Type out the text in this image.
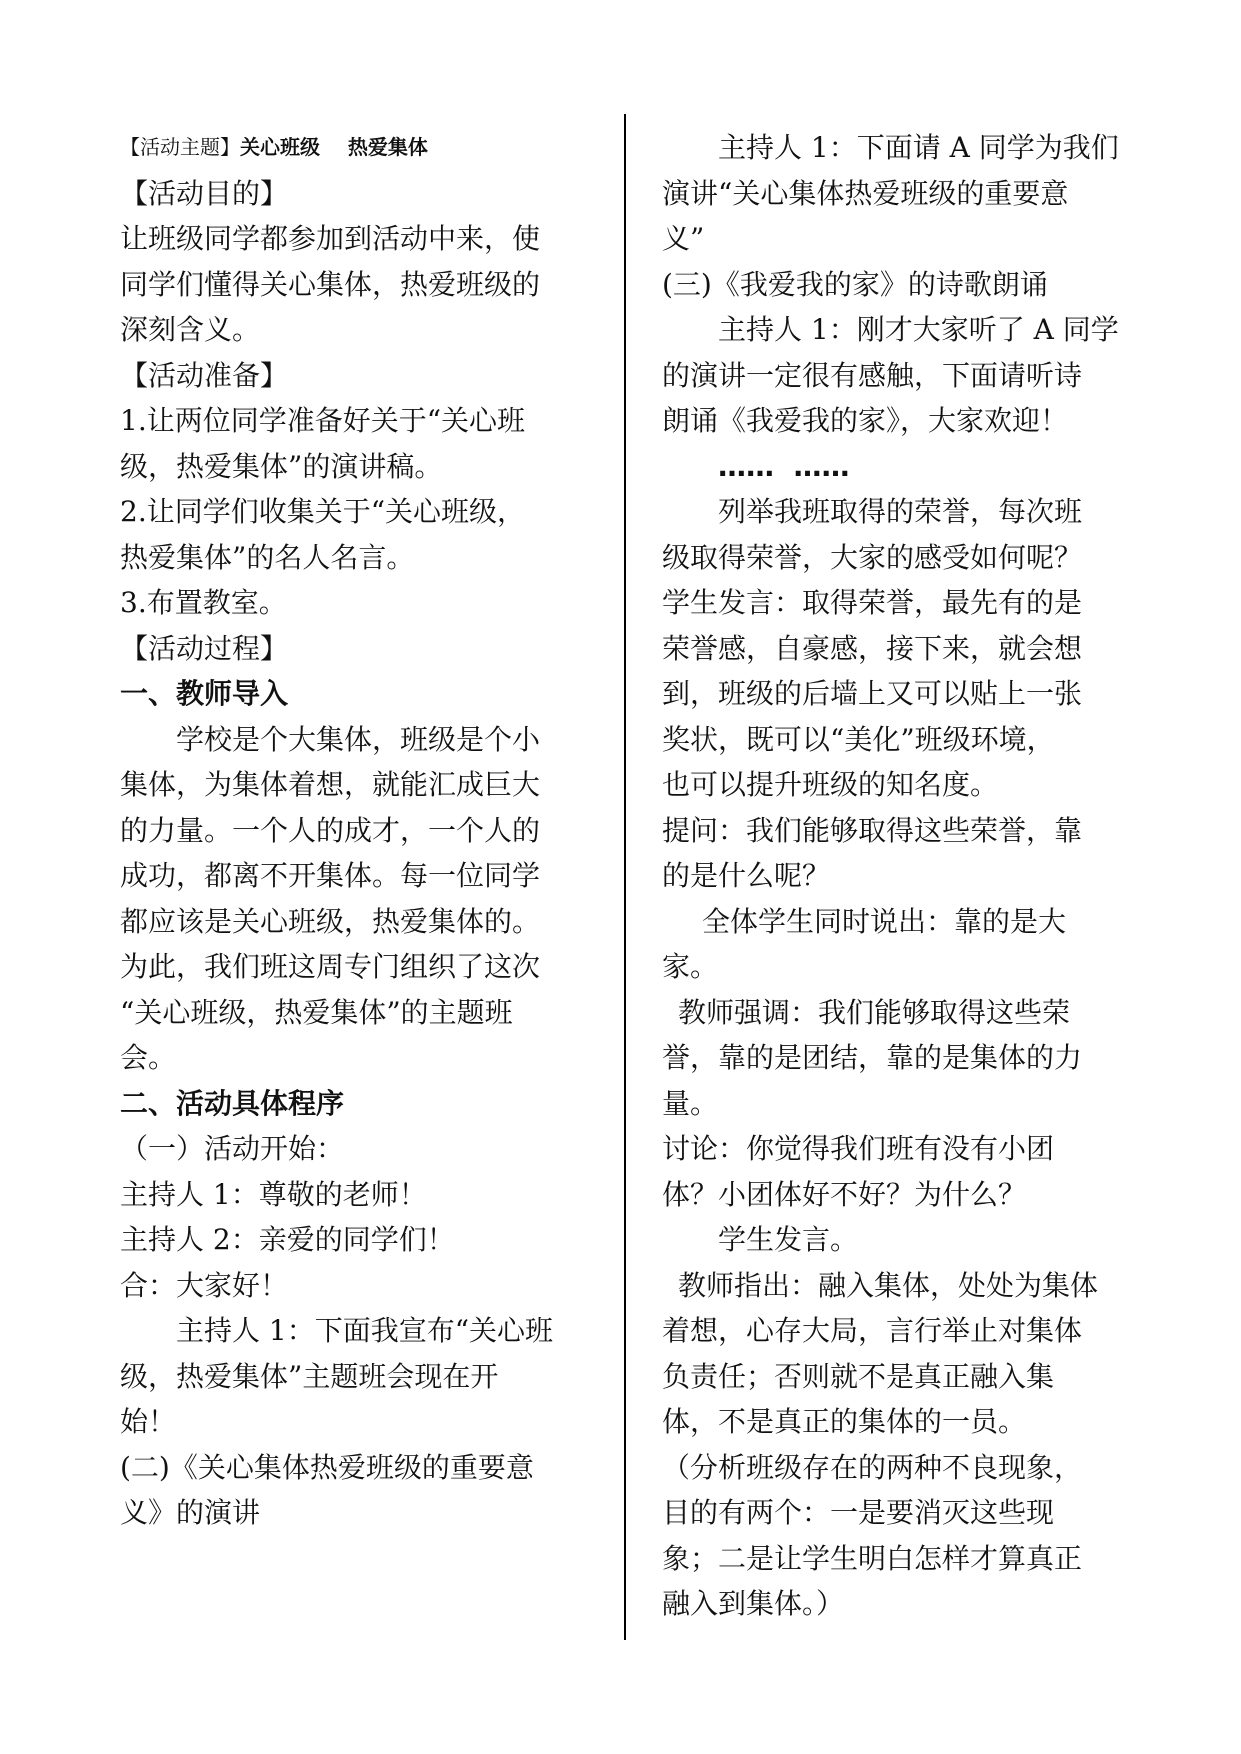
【活动主题】关心班级    热爱集体

【活动目的】

让班级同学都参加到活动中来，使

同学们懂得关心集体，热爱班级的

深刻含义。

【活动准备】

1.让两位同学准备好关于“关心班

级，热爱集体”的演讲稿。

2.让同学们收集关于“关心班级，

热爱集体”的名人名言。

3.布置教室。

【活动过程】

一、教师导入

学校是个大集体，班级是个小

集体，为集体着想，就能汇成巨大

的力量。一个人的成才，一个人的

成功，都离不开集体。每一位同学

都应该是关心班级，热爱集体的。

为此，我们班这周专门组织了这次

“关心班级，热爱集体”的主题班

会。

二、活动具体程序

（一）活动开始：

主持人 1：尊敬的老师！

主持人 2：亲爱的同学们！

合：大家好！

主持人 1：下面我宣布“关心班

级，热爱集体”主题班会现在开

始！

(二)《关心集体热爱班级的重要意

义》的演讲

主持人 1：下面请 A 同学为我们

演讲“关心集体热爱班级的重要意

义”

(三)《我爱我的家》的诗歌朗诵

主持人 1：刚才大家听了 A 同学

的演讲一定很有感触，下面请听诗

朗诵《我爱我的家》，大家欢迎！

……  ……

列举我班取得的荣誉，每次班

级取得荣誉，大家的感受如何呢？

学生发言：取得荣誉，最先有的是

荣誉感，自豪感，接下来，就会想

到，班级的后墙上又可以贴上一张

奖状，既可以“美化”班级环境，

也可以提升班级的知名度。

提问：我们能够取得这些荣誉，靠

的是什么呢？

全体学生同时说出：靠的是大

家。

教师强调：我们能够取得这些荣

誉，靠的是团结，靠的是集体的力

量。

讨论：你觉得我们班有没有小团

体？小团体好不好？为什么？

学生发言。

教师指出：融入集体，处处为集体

着想，心存大局，言行举止对集体

负责任；否则就不是真正融入集

体，不是真正的集体的一员。

（分析班级存在的两种不良现象，

目的有两个：一是要消灭这些现

象；二是让学生明白怎样才算真正

融入到集体。）
